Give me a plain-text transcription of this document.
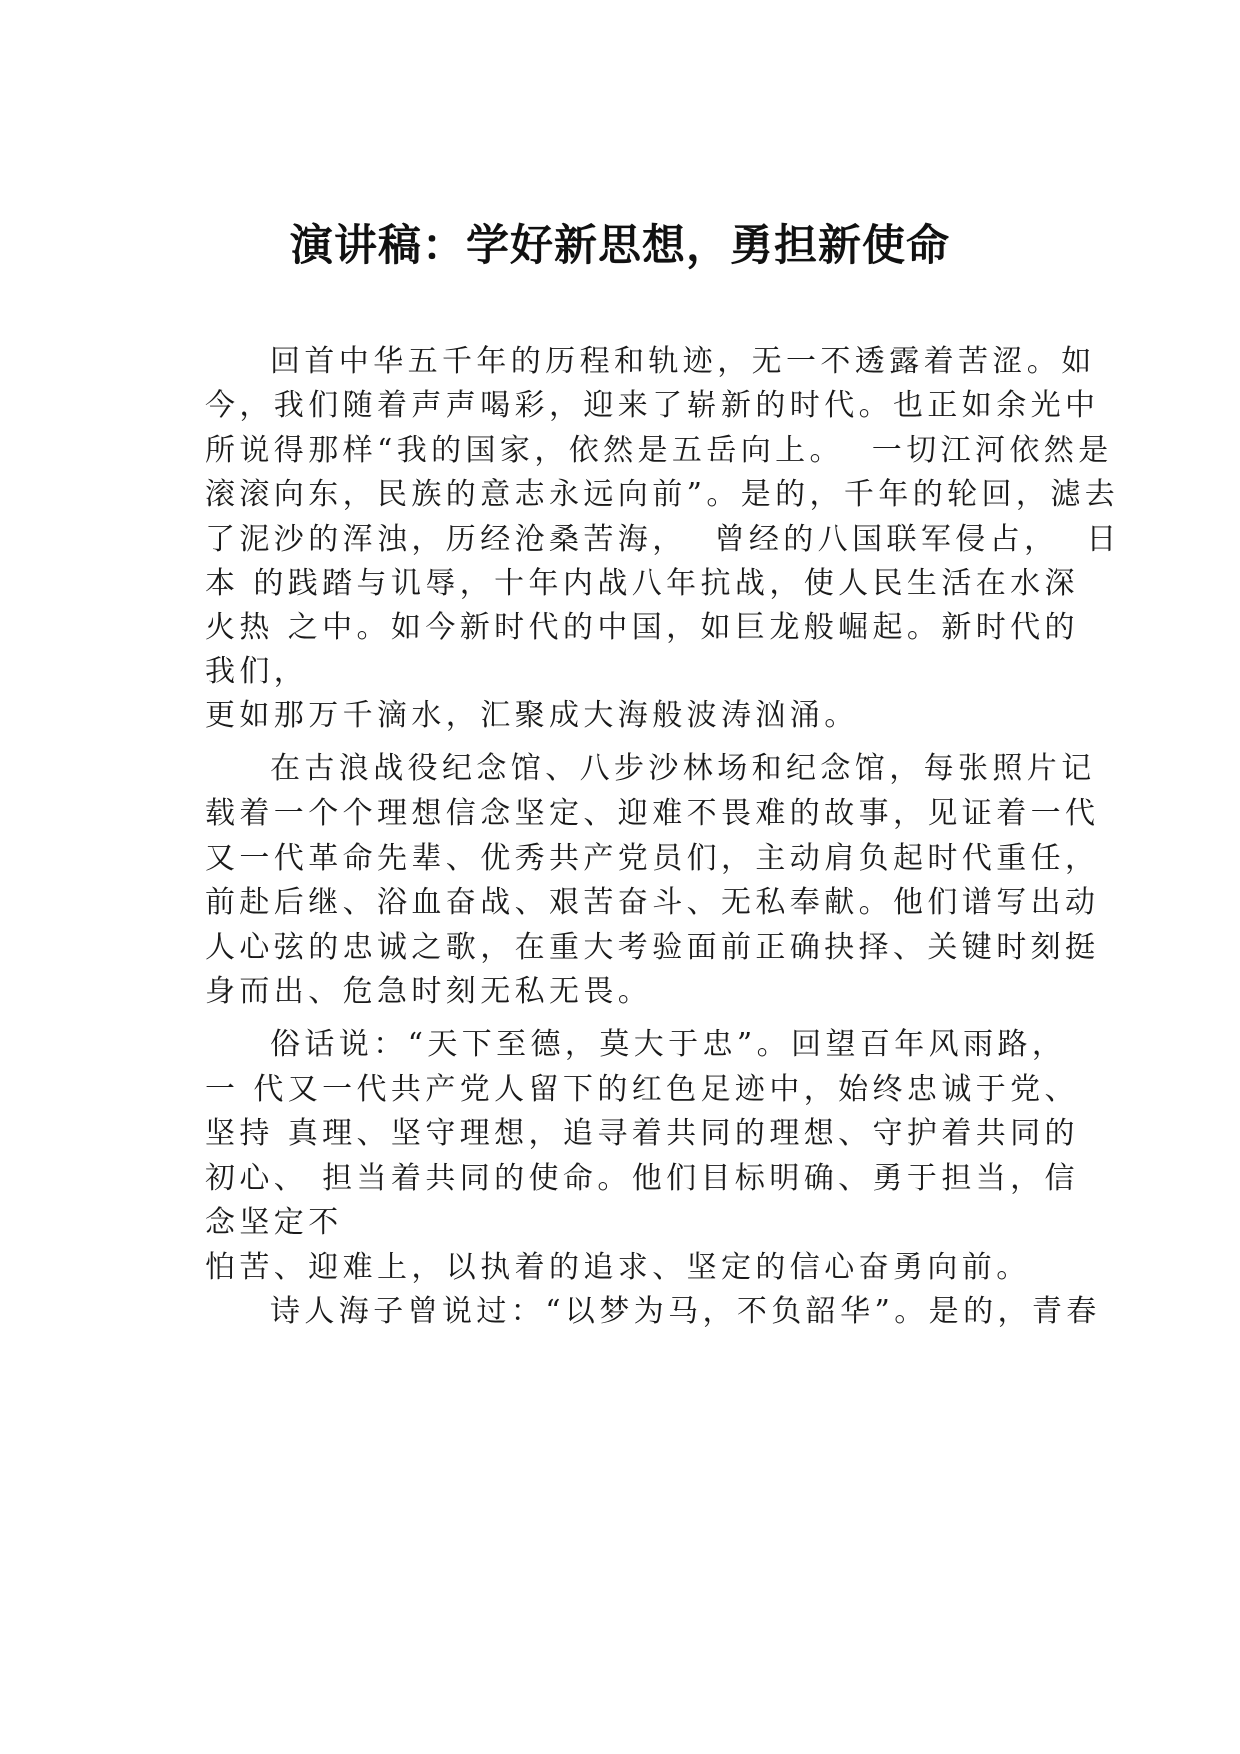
演讲稿：学好新思想，勇担新使命

回首中华五千年的历程和轨迹，无一不透露着苦涩。如

今，我们随着声声喝彩，迎来了崭新的时代。也正如余光中

所说得那样“我的国家，依然是五岳向上。  一切江河依然是

滚滚向东，民族的意志永远向前”。是的，千年的轮回，滤去

了泥沙的浑浊，历经沧桑苦海，  曾经的八国联军侵占，  日

本 的践踏与讥辱，十年内战八年抗战，使人民生活在水深

火热 之中。如今新时代的中国，如巨龙般崛起。新时代的

我们，

更如那万千滴水，汇聚成大海般波涛汹涌。

在古浪战役纪念馆、八步沙林场和纪念馆，每张照片记

载着一个个理想信念坚定、迎难不畏难的故事，见证着一代

又一代革命先辈、优秀共产党员们，主动肩负起时代重任，

前赴后继、浴血奋战、艰苦奋斗、无私奉献。他们谱写出动

人心弦的忠诚之歌，在重大考验面前正确抉择、关键时刻挺

身而出、危急时刻无私无畏。

俗话说：“天下至德，莫大于忠”。回望百年风雨路，

一 代又一代共产党人留下的红色足迹中，始终忠诚于党、

坚持 真理、坚守理想，追寻着共同的理想、守护着共同的

初心、 担当着共同的使命。他们目标明确、勇于担当，信

念坚定不

怕苦、迎难上，以执着的追求、坚定的信心奋勇向前。

诗人海子曾说过：“以梦为马，不负韶华”。是的，青春
